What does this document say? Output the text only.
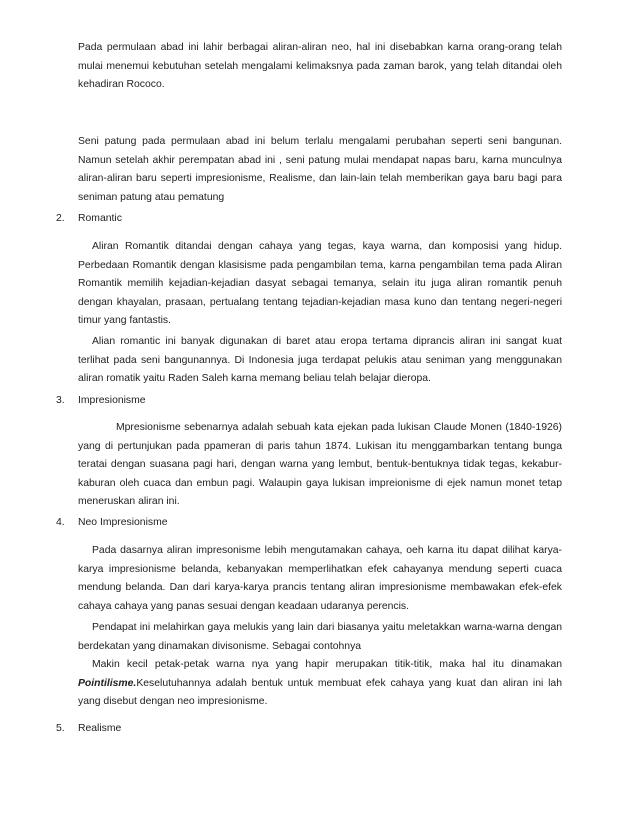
Pada permulaan abad ini lahir berbagai aliran-aliran neo, hal ini disebabkan karna orang-orang telah mulai menemui kebutuhan setelah mengalami kelimaksnya pada zaman barok, yang telah ditandai oleh kehadiran Rococo.

Seni patung pada permulaan abad ini belum terlalu mengalami perubahan seperti seni bangunan. Namun setelah akhir perempatan abad ini , seni patung mulai mendapat napas baru, karna munculnya aliran-aliran baru seperti impresionisme, Realisme, dan lain-lain telah memberikan gaya baru bagi para seniman patung atau pematung

2.	Romantic

Aliran Romantik ditandai dengan cahaya yang tegas, kaya warna, dan komposisi yang hidup. Perbedaan Romantik dengan klasisisme pada pengambilan tema, karna pengambilan tema pada Aliran Romantik memilih kejadian-kejadian dasyat sebagai temanya, selain itu juga aliran romantik penuh dengan khayalan, prasaan, pertualang tentang tejadian-kejadian masa kuno dan tentang negeri-negeri timur yang fantastis.

Alian romantic ini banyak digunakan di baret atau eropa tertama diprancis aliran ini sangat kuat terlihat pada seni bangunannya. Di Indonesia juga terdapat pelukis atau seniman yang menggunakan aliran romatik yaitu Raden Saleh karna memang beliau telah belajar dieropa.

3.	Impresionisme

Mpresionisme sebenarnya adalah sebuah kata ejekan pada lukisan Claude Monen (1840-1926) yang di pertunjukan pada ppameran di paris tahun 1874. Lukisan itu menggambarkan tentang bunga teratai dengan suasana pagi hari, dengan warna yang lembut, bentuk-bentuknya tidak tegas, kekabur-kaburan oleh cuaca dan embun pagi. Walaupin gaya lukisan impreionisme di ejek namun monet tetap meneruskan aliran ini.

4.	Neo Impresionisme

Pada dasarnya aliran impresonisme lebih mengutamakan cahaya, oeh karna itu dapat dilihat karya-karya impresionisme belanda, kebanyakan memperlihatkan efek cahayanya mendung seperti cuaca mendung belanda. Dan dari karya-karya prancis tentang aliran impresionisme membawakan efek-efek cahaya cahaya yang panas sesuai dengan keadaan udaranya perencis.

Pendapat ini melahirkan gaya melukis yang lain dari biasanya yaitu meletakkan warna-warna dengan berdekatan yang dinamakan divisonisme. Sebagai contohnya

Makin kecil petak-petak warna nya yang hapir merupakan titik-titik, maka hal itu dinamakan Pointilisme.Keselutuhannya adalah bentuk untuk membuat efek cahaya yang kuat dan aliran ini lah yang disebut dengan neo impresionisme.

5.	Realisme
